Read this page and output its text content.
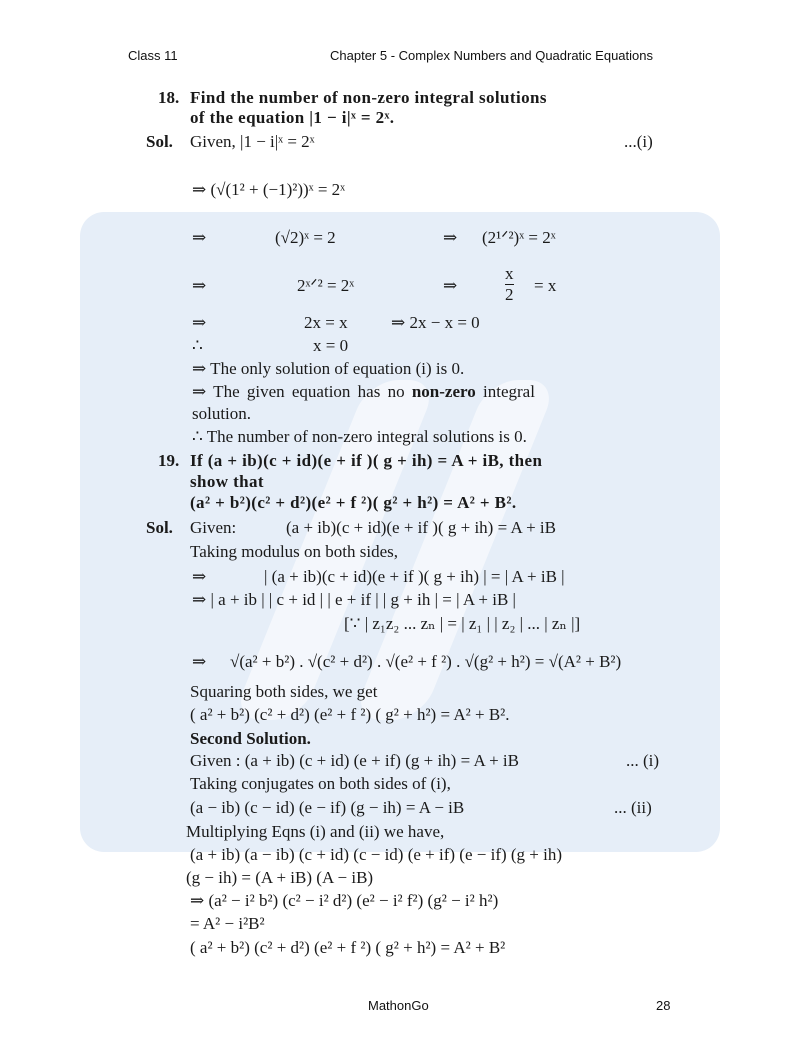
Class 11	Chapter 5 - Complex Numbers and Quadratic Equations
18. Find the number of non-zero integral solutions
of the equation |1 − i|ˣ = 2ˣ.
Sol. Given, |1 − i|ˣ = 2ˣ	...(i)
⇒ (√(1² + (−1)²))ˣ = 2ˣ
⇒	(√2)ˣ = 2	⇒ (2¹ᐟ²)ˣ = 2ˣ
⇒	2ˣᐟ² = 2ˣ	⇒	$\frac{x}{2} = x$
⇒	2x = x	⇒ 2x − x = 0
∴	x = 0
⇒ The only solution of equation (i) is 0.
⇒ The given equation has no non-zero integral
solution.
∴ The number of non-zero integral solutions is 0.
19. If (a + ib)(c + id)(e + if )( g + ih) = A + iB, then
show that
(a² + b²)(c² + d²)(e² + f ²)( g² + h²) = A² + B².
Sol. Given:	(a + ib)(c + id)(e + if )( g + ih) = A + iB
Taking modulus on both sides,
⇒	| (a + ib)(c + id)(e + if )( g + ih) | = | A + iB |
⇒ | a + ib | | c + id | | e + if | | g + ih | = | A + iB |
[∵ | z₁z₂ ... zₙ | = | z₁ | | z₂ | ... | zₙ |]
⇒ √(a² + b²) . √(c² + d²) . √(e² + f ²) . √(g² + h²) = √(A² + B²)
Squaring both sides, we get
( a² + b²) (c² + d²) (e² + f ²) ( g² + h²) = A² + B².
Second Solution.
Given : (a + ib) (c + id) (e + if) (g + ih) = A + iB	... (i)
Taking conjugates on both sides of (i),
(a − ib) (c − id) (e − if) (g − ih) = A − iB	... (ii)
Multiplying Eqns (i) and (ii) we have,
(a + ib) (a − ib) (c + id) (c − id) (e + if) (e − if) (g + ih)
(g − ih) = (A + iB) (A − iB)
⇒ (a² − i² b²) (c² − i² d²) (e² − i² f²) (g² − i² h²)
= A² − i²B²
( a² + b²) (c² + d²) (e² + f ²) ( g² + h²) = A² + B²
MathonGo	28
